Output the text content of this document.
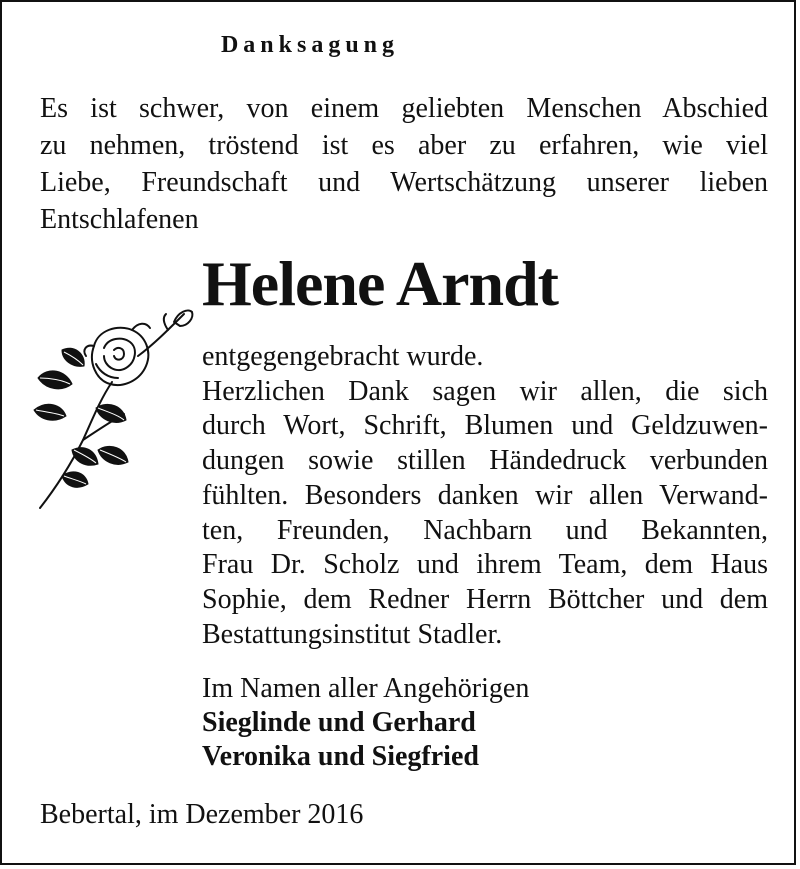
Danksagung
Es ist schwer, von einem geliebten Menschen Abschied
zu nehmen, tröstend ist es aber zu erfahren, wie viel
Liebe, Freundschaft und Wertschätzung unserer lieben
Entschlafenen
Helene Arndt
entgegengebracht wurde.
Herzlichen Dank sagen wir allen, die sich
durch Wort, Schrift, Blumen und Geldzuwen-
dungen sowie stillen Händedruck verbunden
fühlten. Besonders danken wir allen Verwand-
ten, Freunden, Nachbarn und Bekannten,
Frau Dr. Scholz und ihrem Team, dem Haus
Sophie, dem Redner Herrn Böttcher und dem
Bestattungsinstitut Stadler.
Im Namen aller Angehörigen
Sieglinde und Gerhard
Veronika und Siegfried
Bebertal, im Dezember 2016
